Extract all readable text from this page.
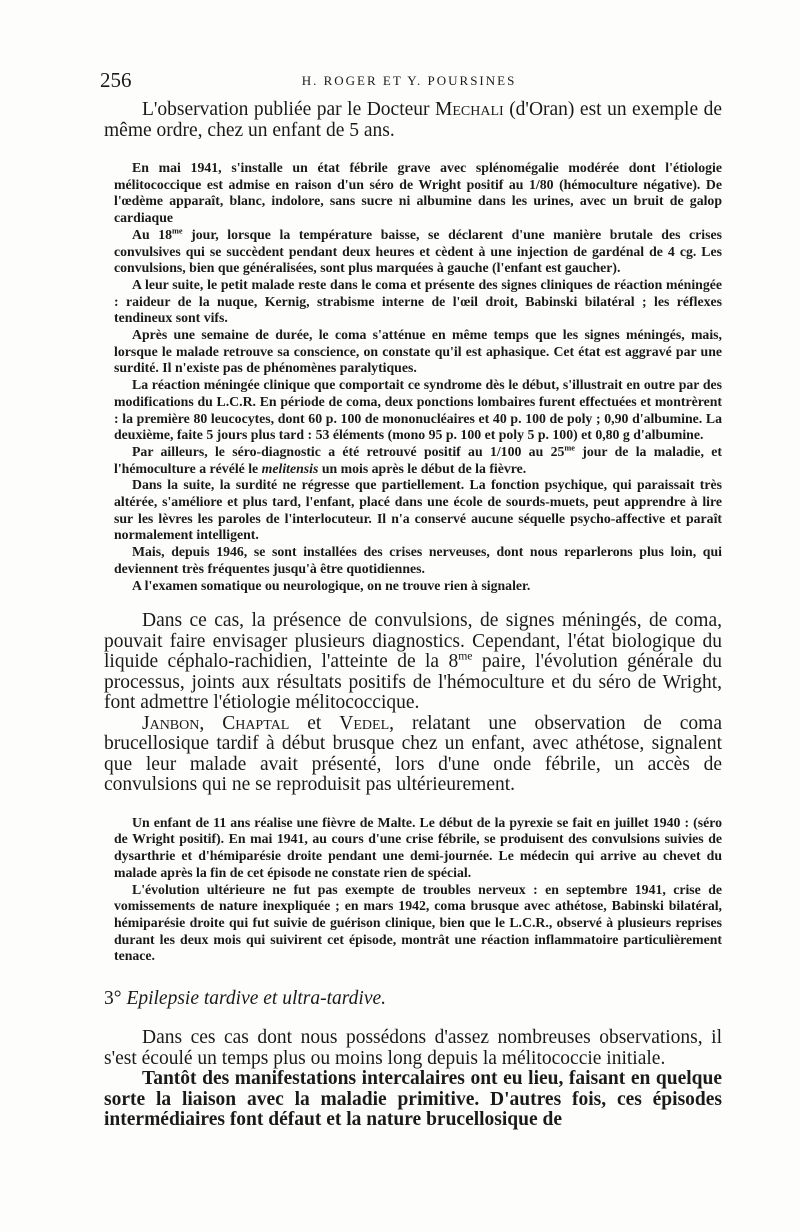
256	H. ROGER ET Y. POURSINES

L'observation publiée par le Docteur Mechali (d'Oran) est un exemple de même ordre, chez un enfant de 5 ans.

En mai 1941, s'installe un état fébrile grave avec splénomégalie modérée dont l'étiologie mélitococcique est admise en raison d'un séro de Wright positif au 1/80 (hémoculture négative). De l'œdème apparaît, blanc, indolore, sans sucre ni albumine dans les urines, avec un bruit de galop cardiaque

Au $18^{me}$ jour, lorsque la température baisse, se déclarent d'une manière brutale des crises convulsives qui se succèdent pendant deux heures et cèdent à une injection de gardénal de 4 cg. Les convulsions, bien que généralisées, sont plus marquées à gauche (l'enfant est gaucher).

A leur suite, le petit malade reste dans le coma et présente des signes cliniques de réaction méningée : raideur de la nuque, Kernig, strabisme interne de l'œil droit, Babinski bilatéral ; les réflexes tendineux sont vifs.

Après une semaine de durée, le coma s'atténue en même temps que les signes méningés, mais, lorsque le malade retrouve sa conscience, on constate qu'il est aphasique. Cet état est aggravé par une surdité. Il n'existe pas de phénomènes paralytiques.

La réaction méningée clinique que comportait ce syndrome dès le début, s'illustrait en outre par des modifications du L.C.R. En période de coma, deux ponctions lombaires furent effectuées et montrèrent : la première 80 leucocytes, dont 60 p. 100 de mononucléaires et 40 p. 100 de poly ; 0,90 d'albumine. La deuxième, faite 5 jours plus tard : 53 éléments (mono 95 p. 100 et poly 5 p. 100) et 0,80 g d'albumine.

Par ailleurs, le séro-diagnostic a été retrouvé positif au 1/100 au $25^{me}$ jour de la maladie, et l'hémoculture a révélé le melitensis un mois après le début de la fièvre.

Dans la suite, la surdité ne régresse que partiellement. La fonction psychique, qui paraissait très altérée, s'améliore et plus tard, l'enfant, placé dans une école de sourds-muets, peut apprendre à lire sur les lèvres les paroles de l'interlocuteur. Il n'a conservé aucune séquelle psycho-affective et paraît normalement intelligent.

Mais, depuis 1946, se sont installées des crises nerveuses, dont nous reparlerons plus loin, qui deviennent très fréquentes jusqu'à être quotidiennes.

A l'examen somatique ou neurologique, on ne trouve rien à signaler.

Dans ce cas, la présence de convulsions, de signes méningés, de coma, pouvait faire envisager plusieurs diagnostics. Cependant, l'état biologique du liquide céphalo-rachidien, l'atteinte de la $8^{me}$ paire, l'évolution générale du processus, joints aux résultats positifs de l'hémoculture et du séro de Wright, font admettre l'étiologie mélitococcique.

Janbon, Chaptal et Vedel, relatant une observation de coma brucellosique tardif à début brusque chez un enfant, avec athétose, signalent que leur malade avait présenté, lors d'une onde fébrile, un accès de convulsions qui ne se reproduisit pas ultérieurement.

Un enfant de 11 ans réalise une fièvre de Malte. Le début de la pyrexie se fait en juillet 1940 : (séro de Wright positif). En mai 1941, au cours d'une crise fébrile, se produisent des convulsions suivies de dysarthrie et d'hémiparésie droite pendant une demi-journée. Le médecin qui arrive au chevet du malade après la fin de cet épisode ne constate rien de spécial.

L'évolution ultérieure ne fut pas exempte de troubles nerveux : en septembre 1941, crise de vomissements de nature inexpliquée ; en mars 1942, coma brusque avec athétose, Babinski bilatéral, hémiparésie droite qui fut suivie de guérison clinique, bien que le L.C.R., observé à plusieurs reprises durant les deux mois qui suivirent cet épisode, montrât une réaction inflammatoire particulièrement tenace.

3° Epilepsie tardive et ultra-tardive.

Dans ces cas dont nous possédons d'assez nombreuses observations, il s'est écoulé un temps plus ou moins long depuis la mélitococcie initiale.

Tantôt des manifestations intercalaires ont eu lieu, faisant en quelque sorte la liaison avec la maladie primitive. D'autres fois, ces épisodes intermédiaires font défaut et la nature brucellosique de
